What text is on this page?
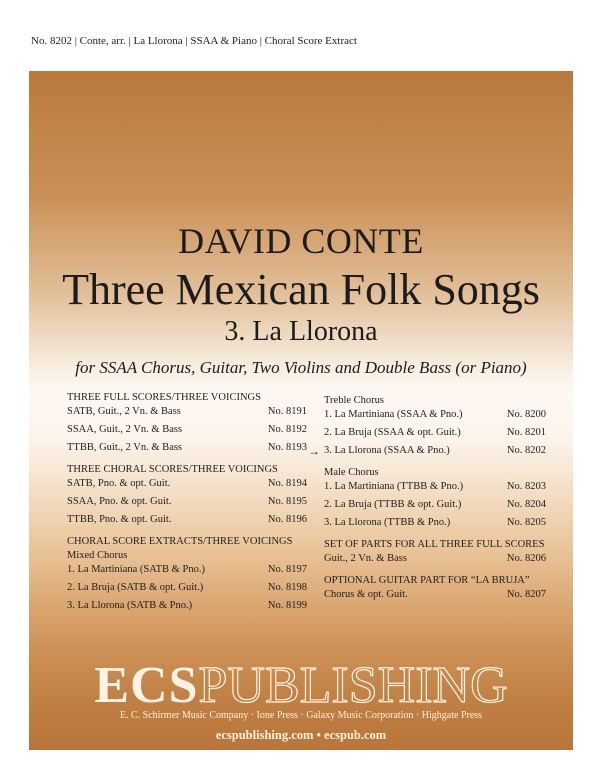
No. 8202 | Conte, arr. | La Llorona | SSAA & Piano | Choral Score Extract
DAVID CONTE
Three Mexican Folk Songs
3. La Llorona
for SSAA Chorus, Guitar, Two Violins and Double Bass (or Piano)
THREE FULL SCORES/THREE VOICINGS
SATB, Guit., 2 Vn. & Bass	No. 8191
SSAA, Guit., 2 Vn. & Bass	No. 8192
TTBB, Guit., 2 Vn. & Bass	No. 8193
THREE CHORAL SCORES/THREE VOICINGS
SATB, Pno. & opt. Guit.	No. 8194
SSAA, Pno. & opt. Guit.	No. 8195
TTBB, Pno. & opt. Guit.	No. 8196
CHORAL SCORE EXTRACTS/THREE VOICINGS
Mixed Chorus
1. La Martiniana (SATB & Pno.)	No. 8197
2. La Bruja (SATB & opt. Guit.)	No. 8198
3. La Llorona (SATB & Pno.)	No. 8199
Treble Chorus
1. La Martiniana (SSAA & Pno.)	No. 8200
2. La Bruja (SSAA & opt. Guit.)	No. 8201
→ 3. La Llorona (SSAA & Pno.)	No. 8202
Male Chorus
1. La Martiniana (TTBB & Pno.)	No. 8203
2. La Bruja (TTBB & opt. Guit.)	No. 8204
3. La Llorona (TTBB & Pno.)	No. 8205
SET OF PARTS FOR ALL THREE FULL SCORES
Guit., 2 Vn. & Bass	No. 8206
OPTIONAL GUITAR PART FOR “LA BRUJA”
Chorus & opt. Guit.	No. 8207
ECSPUBLISHING
E. C. Schirmer Music Company · Ione Press · Galaxy Music Corporation · Highgate Press
ecspublishing.com • ecspub.com
